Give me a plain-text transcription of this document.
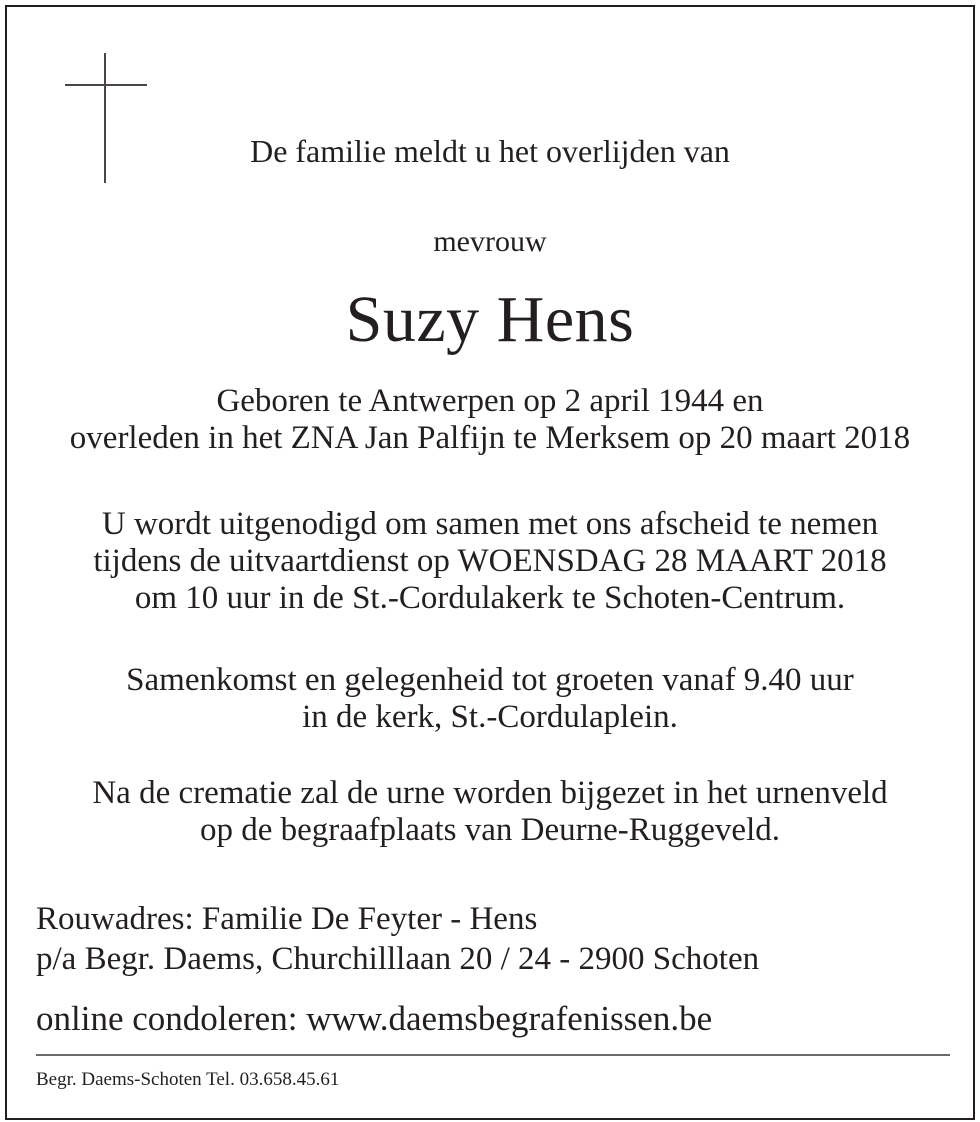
De familie meldt u het overlijden van
mevrouw
Suzy Hens
Geboren te Antwerpen op 2 april 1944 en
overleden in het ZNA Jan Palfijn te Merksem op 20 maart 2018
U wordt uitgenodigd om samen met ons afscheid te nemen
tijdens de uitvaartdienst op WOENSDAG 28 MAART 2018
om 10 uur in de St.-Cordulakerk te Schoten-Centrum.
Samenkomst en gelegenheid tot groeten vanaf 9.40 uur
in de kerk, St.-Cordulaplein.
Na de crematie zal de urne worden bijgezet in het urnenveld
op de begraafplaats van Deurne-Ruggeveld.
Rouwadres: Familie De Feyter - Hens
p/a Begr. Daems, Churchilllaan 20 / 24 - 2900 Schoten
online condoleren: www.daemsbegrafenissen.be
Begr. Daems-Schoten Tel. 03.658.45.61
